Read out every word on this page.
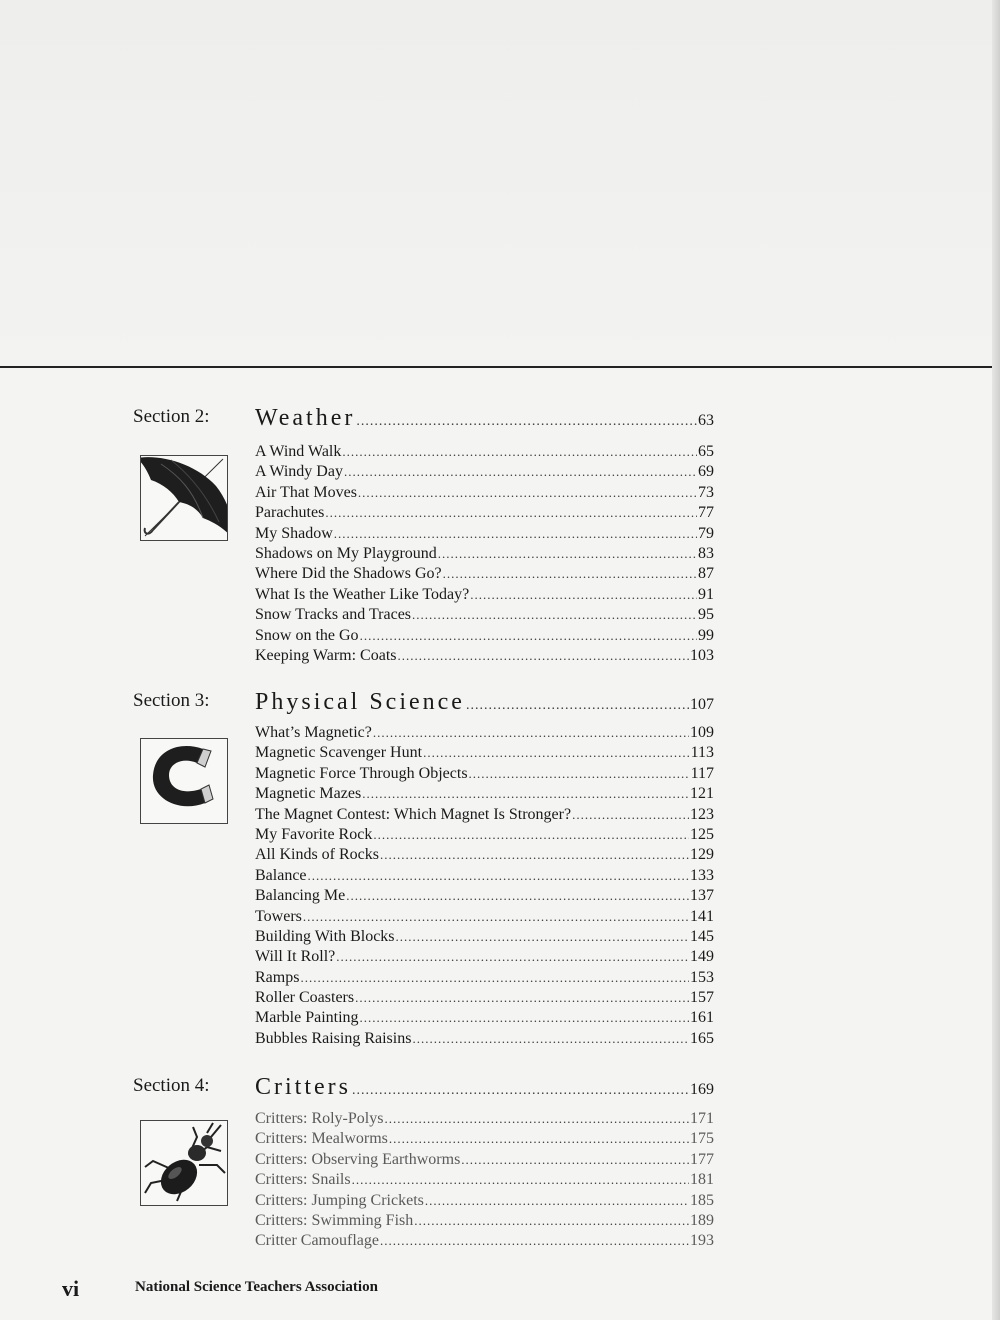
Section 2: Weather .....	63
A Wind Walk .....	65
A Windy Day .....	69
Air That Moves .....	73
Parachutes .....	77
My Shadow .....	79
Shadows on My Playground .....	83
Where Did the Shadows Go? .....	87
What Is the Weather Like Today? .....	91
Snow Tracks and Traces .....	95
Snow on the Go .....	99
Keeping Warm: Coats .....	103
Section 3: Physical Science .....	107
What’s Magnetic? .....	109
Magnetic Scavenger Hunt .....	113
Magnetic Force Through Objects .....	117
Magnetic Mazes .....	121
The Magnet Contest: Which Magnet Is Stronger? .....	123
My Favorite Rock .....	125
All Kinds of Rocks .....	129
Balance .....	133
Balancing Me .....	137
Towers .....	141
Building With Blocks .....	145
Will It Roll? .....	149
Ramps .....	153
Roller Coasters .....	157
Marble Painting .....	161
Bubbles Raising Raisins .....	165
Section 4: Critters .....	169
Critters: Roly-Polys .....	171
Critters: Mealworms .....	175
Critters: Observing Earthworms .....	177
Critters: Snails .....	181
Critters: Jumping Crickets .....	185
Critters: Swimming Fish .....	189
Critter Camouflage .....	193
vi	National Science Teachers Association
